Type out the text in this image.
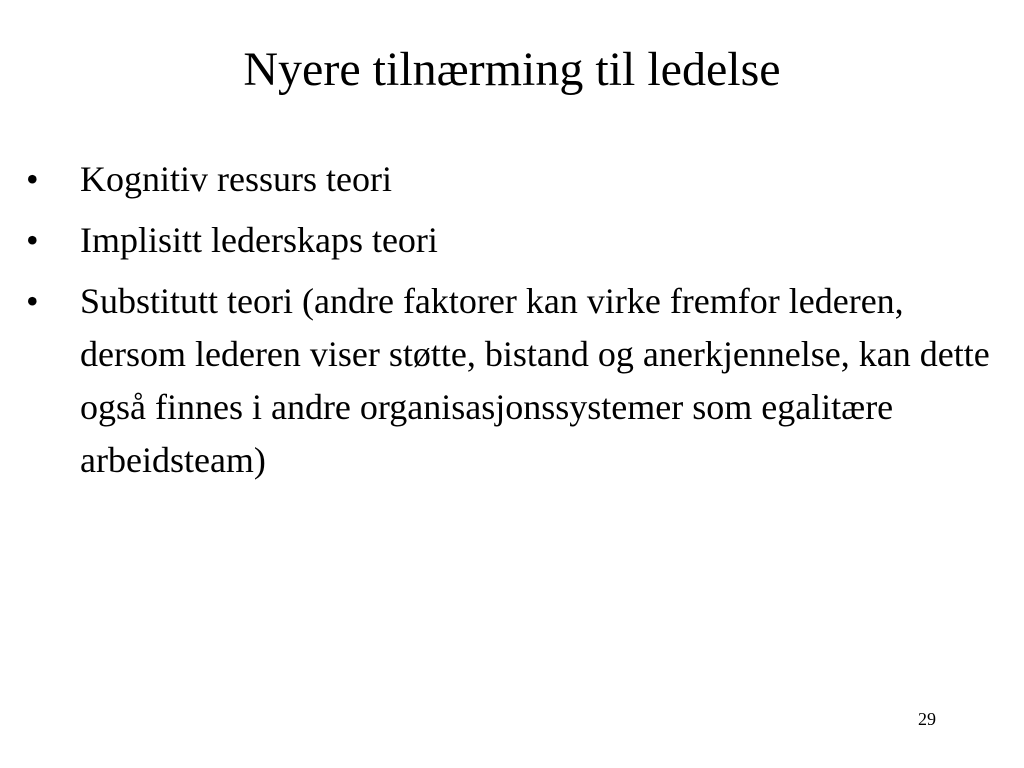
Nyere tilnærming til ledelse
•	Kognitiv ressurs teori
•	Implisitt lederskaps teori
•	Substitutt teori (andre faktorer kan virke fremfor lederen, dersom lederen viser støtte, bistand og anerkjennelse, kan dette også finnes i andre organisasjonssystemer som egalitære arbeidsteam)
29
